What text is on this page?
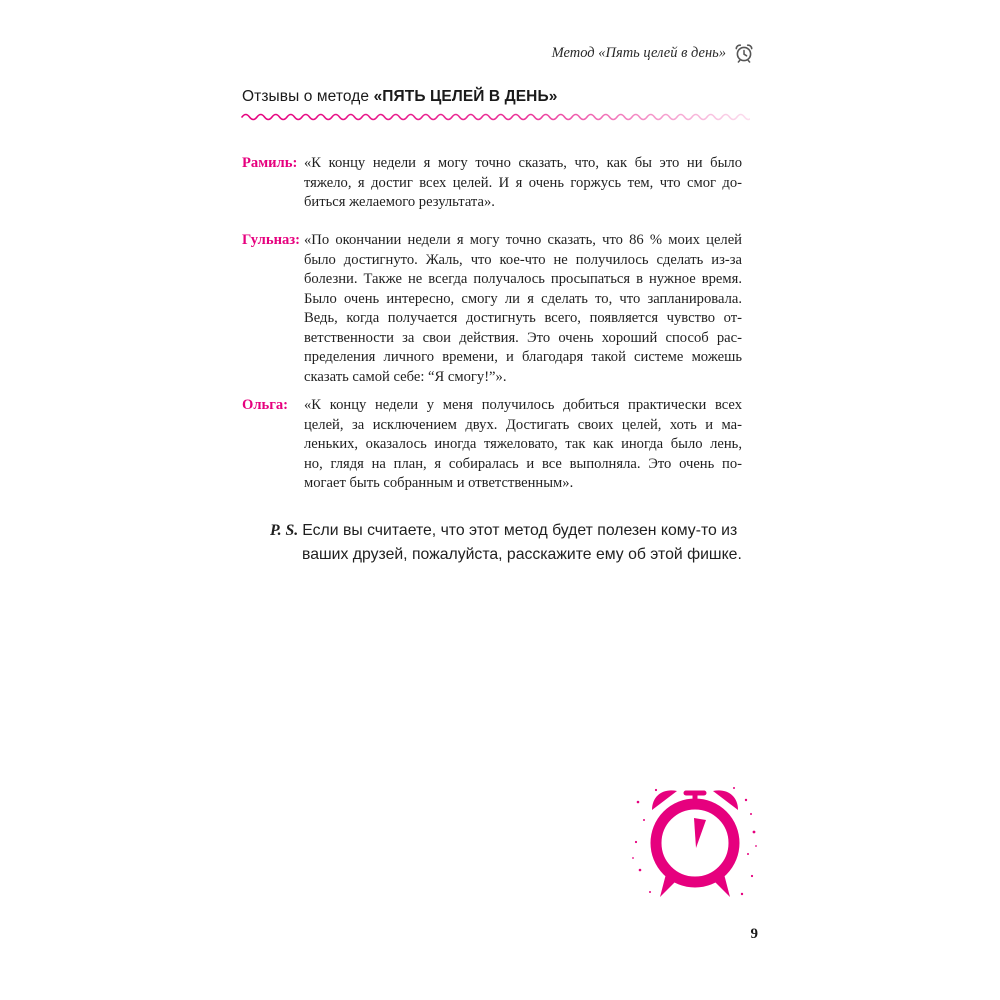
Метод «Пять целей в день»
Отзывы о методе «ПЯТЬ ЦЕЛЕЙ В ДЕНЬ»
Рамиль: «К концу недели я могу точно сказать, что, как бы это ни было
тяжело, я достиг всех целей. И я очень горжусь тем, что смог до-
биться желаемого результата».
Гульназ: «По окончании недели я могу точно сказать, что 86 % моих целей
было достигнуто. Жаль, что кое-что не получилось сделать из-за
болезни. Также не всегда получалось просыпаться в нужное время.
Было очень интересно, смогу ли я сделать то, что запланировала.
Ведь, когда получается достигнуть всего, появляется чувство от-
ветственности за свои действия. Это очень хороший способ рас-
пределения личного времени, и благодаря такой системе можешь
сказать самой себе: “Я смогу!”».
Ольга: «К концу недели у меня получилось добиться практически всех
целей, за исключением двух. Достигать своих целей, хоть и ма-
леньких, оказалось иногда тяжеловато, так как иногда было лень,
но, глядя на план, я собиралась и все выполняла. Это очень по-
могает быть собранным и ответственным».
P. S. Если вы считаете, что этот метод будет полезен кому-то из
ваших друзей, пожалуйста, расскажите ему об этой фишке.
9
